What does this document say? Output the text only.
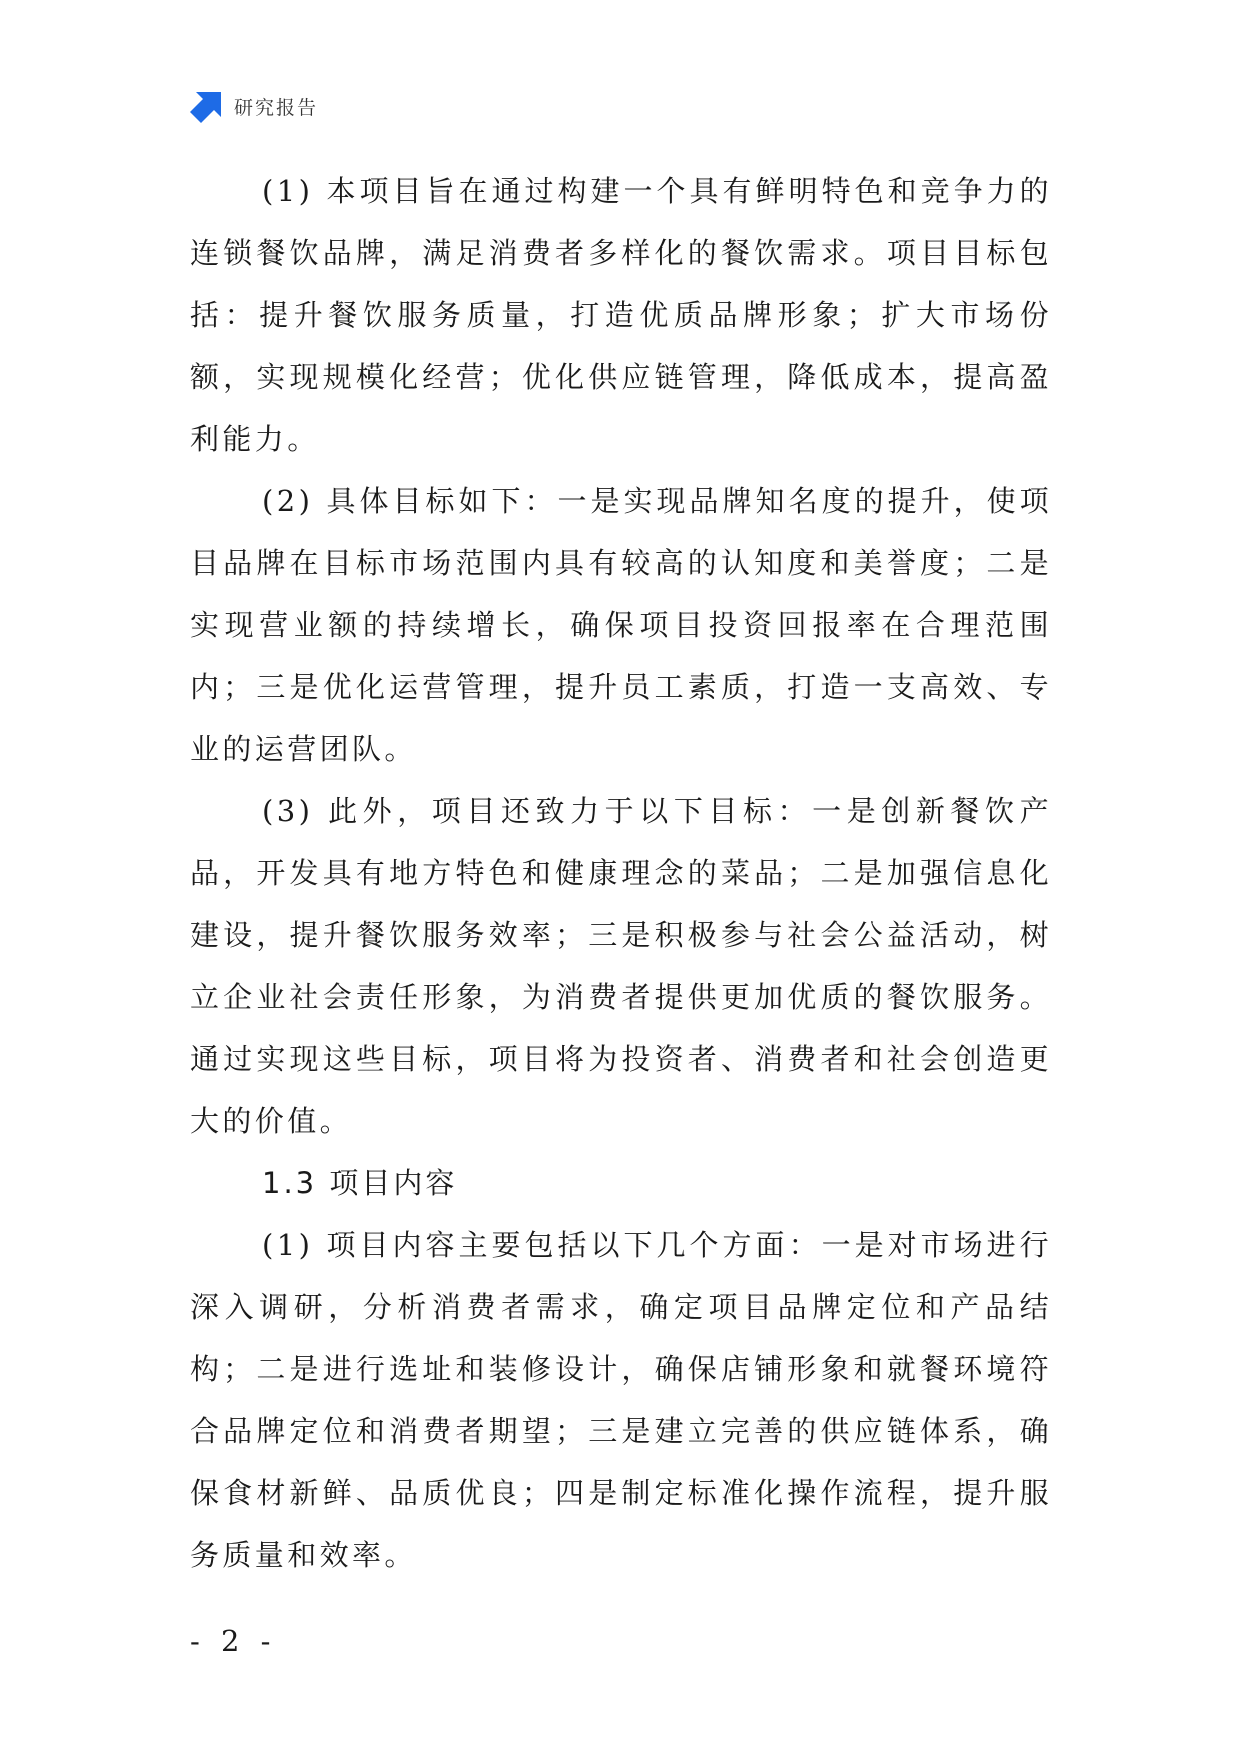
研究报告

(1) 本项目旨在通过构建一个具有鲜明特色和竞争力的连锁餐饮品牌，满足消费者多样化的餐饮需求。项目目标包括：提升餐饮服务质量，打造优质品牌形象；扩大市场份额，实现规模化经营；优化供应链管理，降低成本，提高盈利能力。

(2) 具体目标如下：一是实现品牌知名度的提升，使项目品牌在目标市场范围内具有较高的认知度和美誉度；二是实现营业额的持续增长，确保项目投资回报率在合理范围内；三是优化运营管理，提升员工素质，打造一支高效、专业的运营团队。

(3) 此外，项目还致力于以下目标：一是创新餐饮产品，开发具有地方特色和健康理念的菜品；二是加强信息化建设，提升餐饮服务效率；三是积极参与社会公益活动，树立企业社会责任形象，为消费者提供更加优质的餐饮服务。通过实现这些目标，项目将为投资者、消费者和社会创造更大的价值。

1.3 项目内容

(1) 项目内容主要包括以下几个方面：一是对市场进行深入调研，分析消费者需求，确定项目品牌定位和产品结构；二是进行选址和装修设计，确保店铺形象和就餐环境符合品牌定位和消费者期望；三是建立完善的供应链体系，确保食材新鲜、品质优良；四是制定标准化操作流程，提升服务质量和效率。

- 2 -
